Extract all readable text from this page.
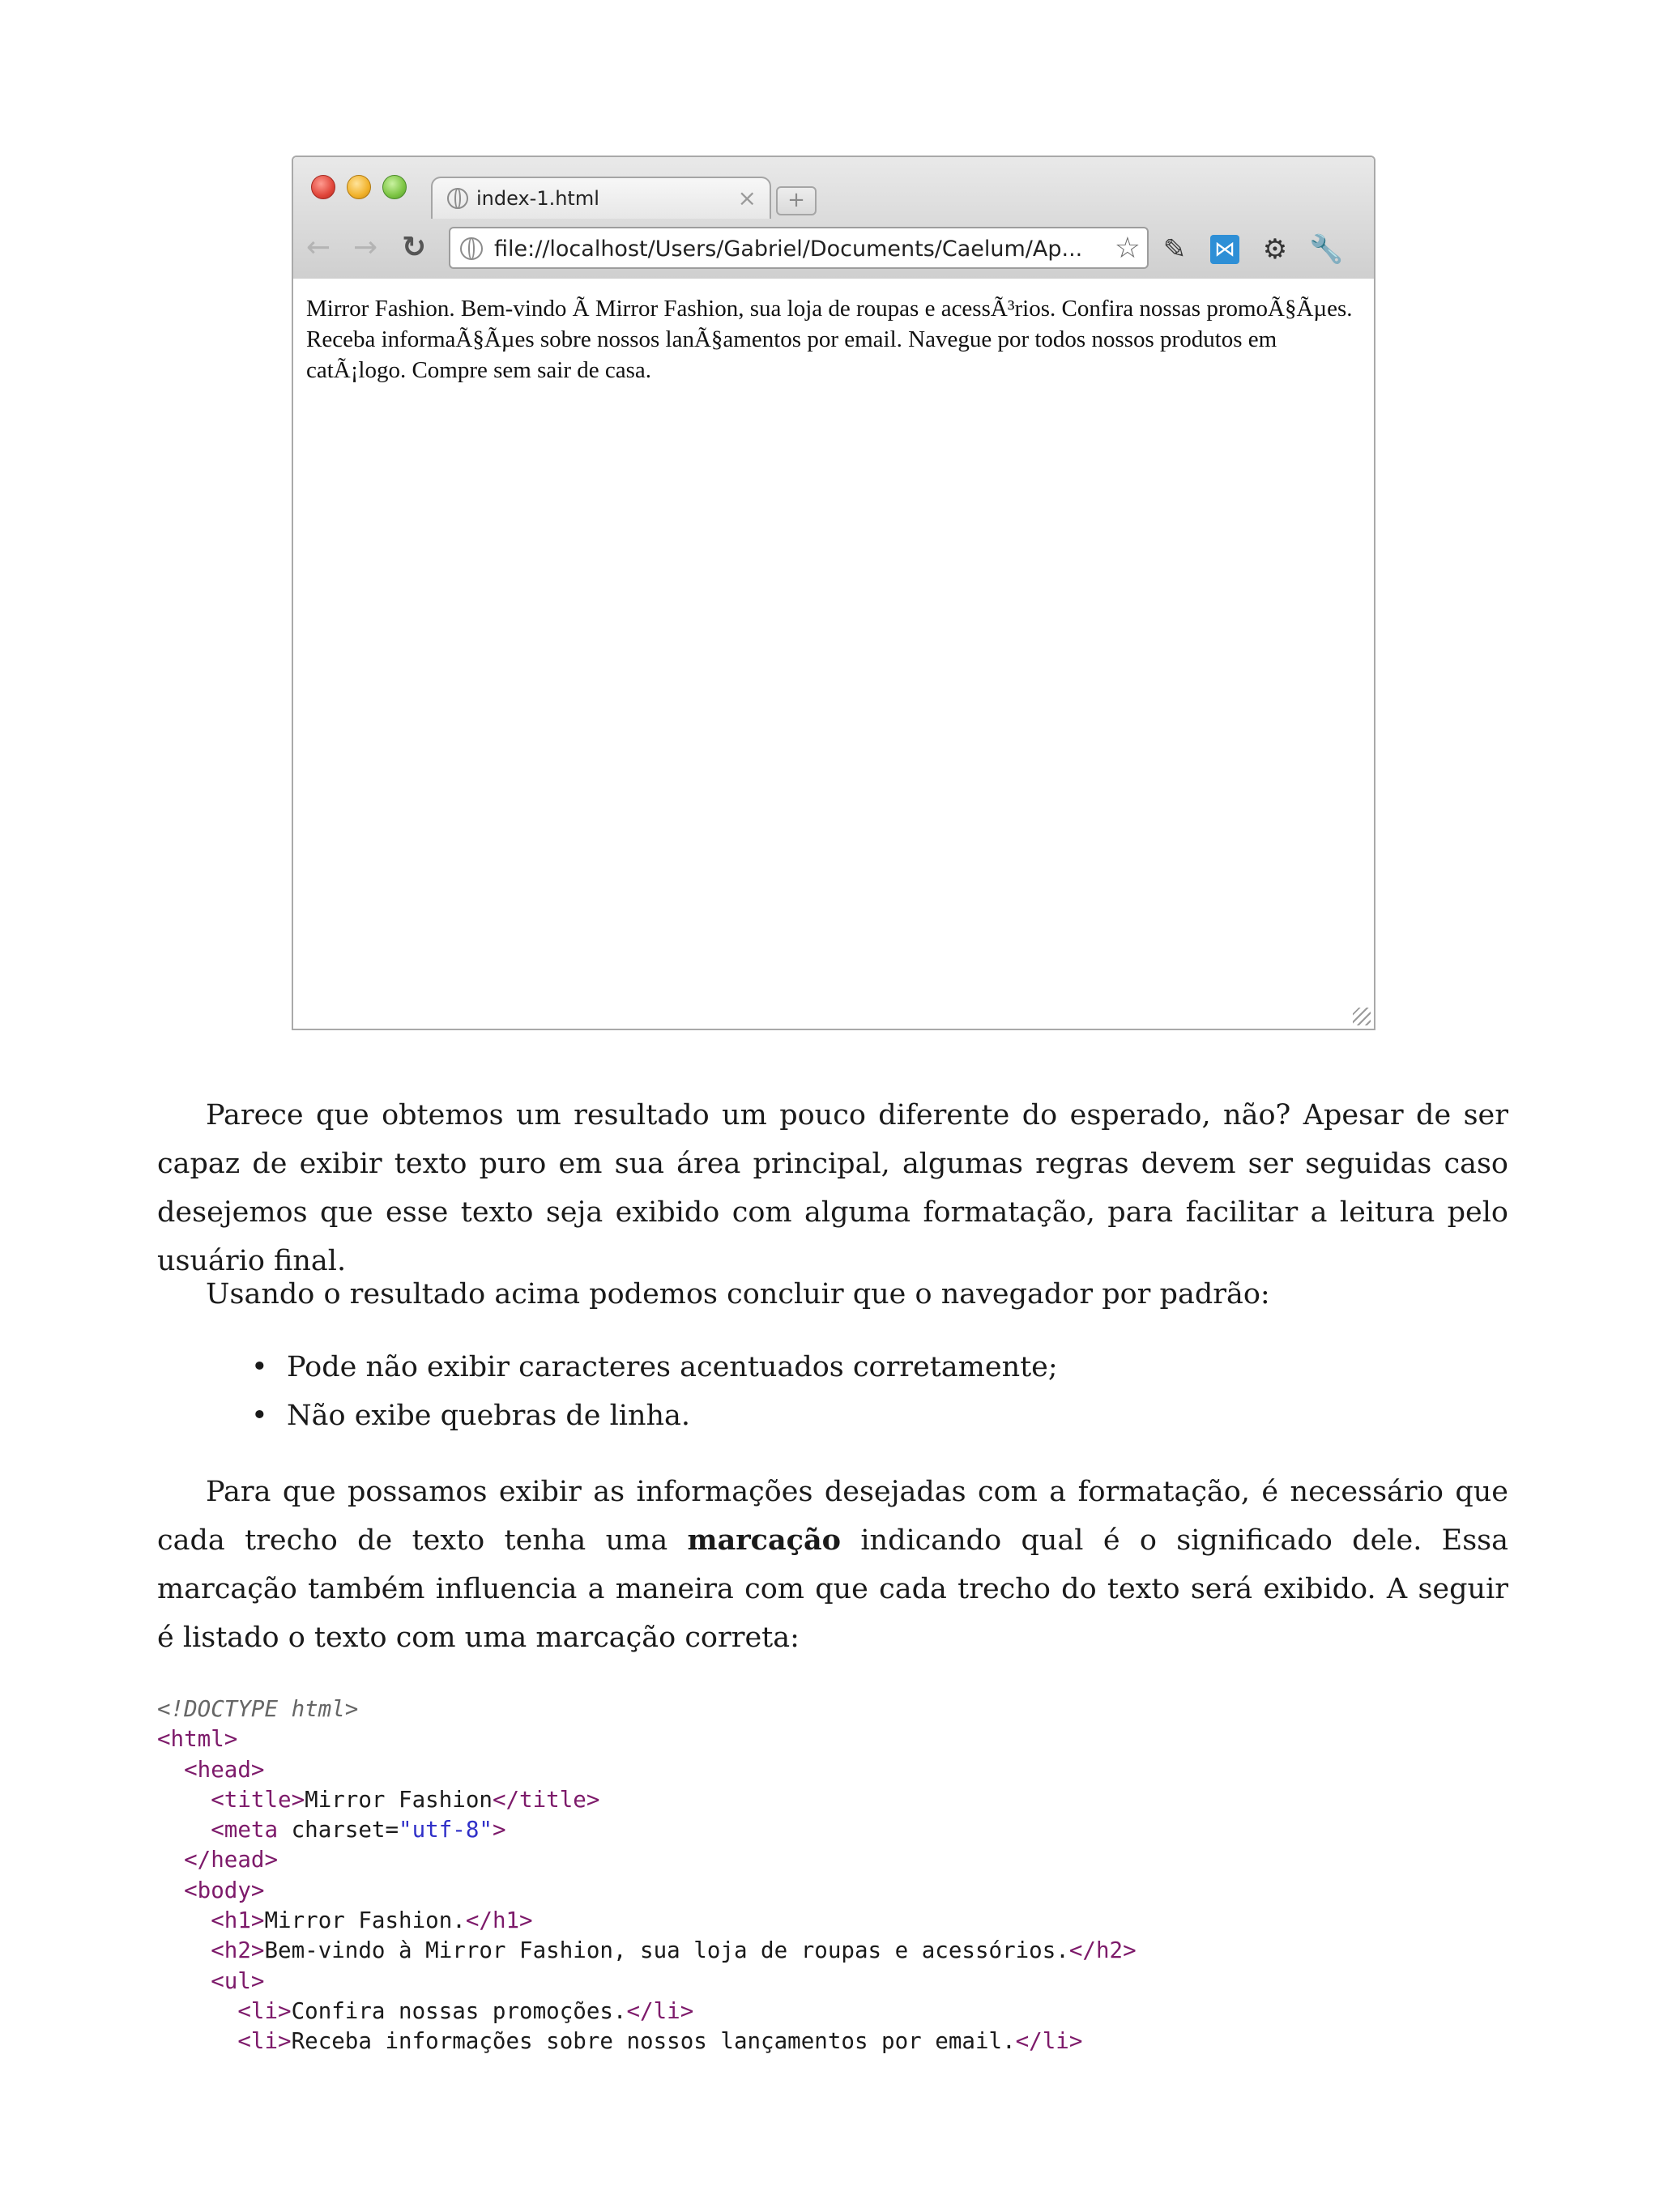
index-1.html	×	+
← → ↻	file://localhost/Users/Gabriel/Documents/Caelum/Ap... ☆ ✎ ⋈ ⚙ 🔧

Mirror Fashion. Bem-vindo Ã Mirror Fashion, sua loja de roupas e acessÃ³rios. Confira nossas promoÃ§Ãµes. Receba informaÃ§Ãµes sobre nossos lanÃ§amentos por email. Navegue por todos nossos produtos em catÃ¡logo. Compre sem sair de casa.

Parece que obtemos um resultado um pouco diferente do esperado, não? Apesar de ser capaz de exibir texto puro em sua área principal, algumas regras devem ser seguidas caso desejemos que esse texto seja exibido com alguma formatação, para facilitar a leitura pelo usuário final.

Usando o resultado acima podemos concluir que o navegador por padrão:

• Pode não exibir caracteres acentuados corretamente;
• Não exibe quebras de linha.

Para que possamos exibir as informações desejadas com a formatação, é necessário que cada trecho de texto tenha uma marcação indicando qual é o significado dele. Essa marcação também influencia a maneira com que cada trecho do texto será exibido. A seguir é listado o texto com uma marcação correta:

<!DOCTYPE html>
<html>
<head>
<title>Mirror Fashion</title>
<meta charset="utf-8">
</head>
<body>
<h1>Mirror Fashion.</h1>
<h2>Bem-vindo à Mirror Fashion, sua loja de roupas e acessórios.</h2>
<ul>
<li>Confira nossas promoções.</li>
<li>Receba informações sobre nossos lançamentos por email.</li>
